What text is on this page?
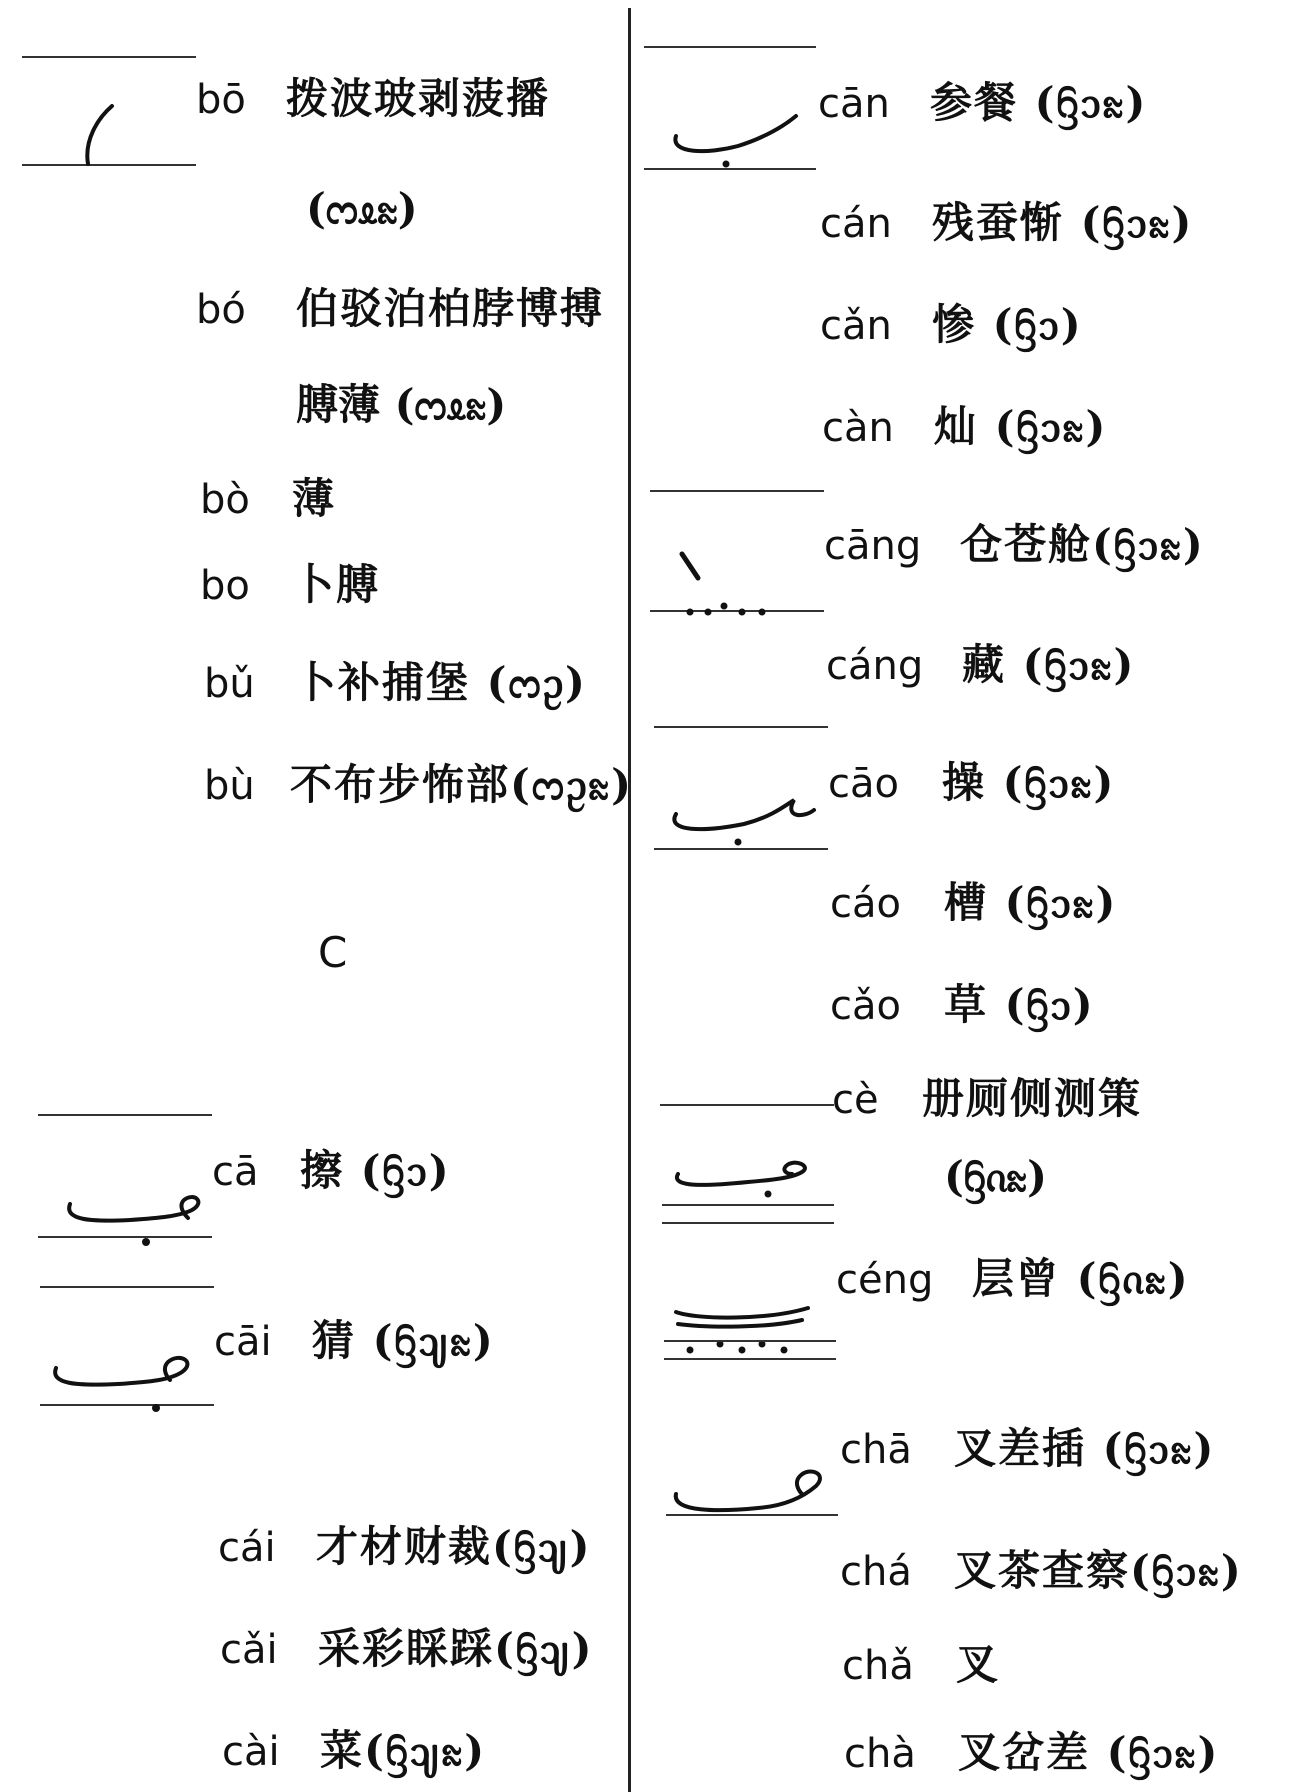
bō 拨波玻剥菠播
(ᦂᦸᦰ)
bó	伯驳泊柏脖博搏
膊薄 (ᦂᦸᦰ)
bò	薄
bo	卜膊
bǔ 卜补捕堡 (ᦂᦳ)
bù 不布步怖部(ᦂᦳᦰ)
C
cā 擦 (ᦌᦱ)
cāi 猜 (ᦌᦻᦰ)
cái 才材财裁(ᦌᦻ)
cǎi 采彩睬踩(ᦌᦻ)
cài 菜(ᦌᦻᦰ)
cān 参餐 (ᦌᦱᦰ)
cán 残蚕惭 (ᦌᦱᦰ)
cǎn 惨 (ᦌᦱ)
càn 灿 (ᦌᦱᦰ)
cāng 仓苍舱(ᦌᦱᦰ)
cáng 藏 (ᦌᦱᦰ)
cāo	操 (ᦌᦱᦰ)
cáo	槽 (ᦌᦱᦰ)
cǎo	草 (ᦌᦱ)
cè	册厕侧测策
(ᦌᦵᦰ)
céng 层曾 (ᦌᦵᦰ)
chā	叉差插 (ᦌᦱᦰ)
chá	叉茶查察(ᦌᦱᦰ)
chǎ	叉
chà	叉岔差 (ᦌᦱᦰ)
